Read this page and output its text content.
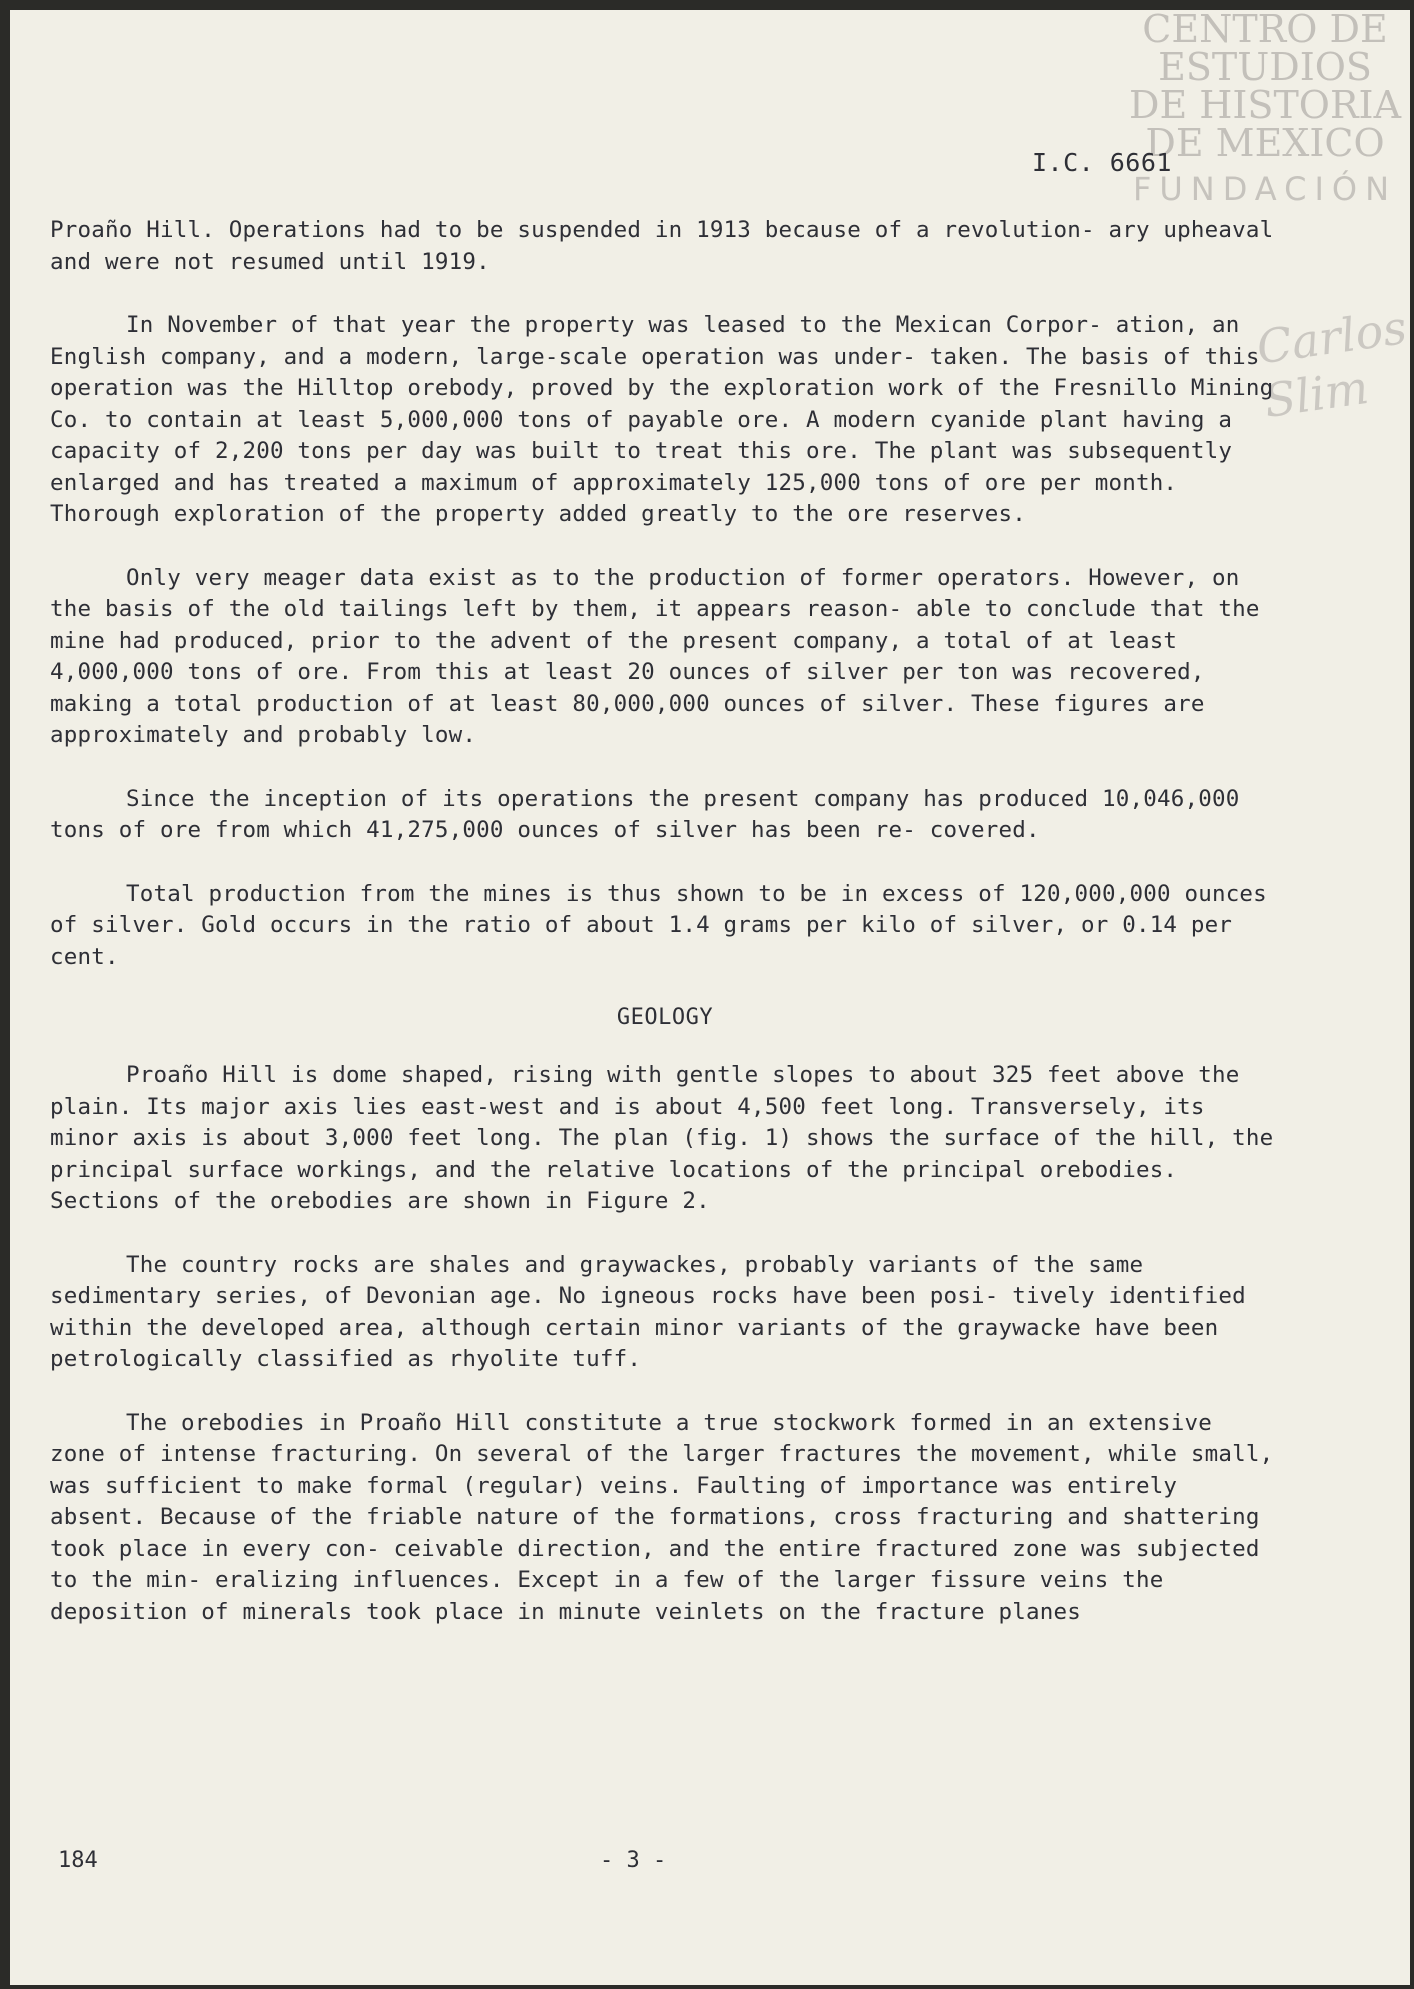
CENTRO DE
ESTUDIOS
DE HISTORIA
DE MEXICO
FUNDACIÓN
Carlos Slim
I.C. 6661

Proaño Hill. Operations had to be suspended in 1913 because of a revolution- ary upheaval and were not resumed until 1919.

In November of that year the property was leased to the Mexican Corpor- ation, an English company, and a modern, large-scale operation was under- taken. The basis of this operation was the Hilltop orebody, proved by the exploration work of the Fresnillo Mining Co. to contain at least 5,000,000 tons of payable ore. A modern cyanide plant having a capacity of 2,200 tons per day was built to treat this ore. The plant was subsequently enlarged and has treated a maximum of approximately 125,000 tons of ore per month. Thorough exploration of the property added greatly to the ore reserves.

Only very meager data exist as to the production of former operators. However, on the basis of the old tailings left by them, it appears reason- able to conclude that the mine had produced, prior to the advent of the present company, a total of at least 4,000,000 tons of ore. From this at least 20 ounces of silver per ton was recovered, making a total production of at least 80,000,000 ounces of silver. These figures are approximately and probably low.

Since the inception of its operations the present company has produced 10,046,000 tons of ore from which 41,275,000 ounces of silver has been re- covered.

Total production from the mines is thus shown to be in excess of 120,000,000 ounces of silver. Gold occurs in the ratio of about 1.4 grams per kilo of silver, or 0.14 per cent.

GEOLOGY

Proaño Hill is dome shaped, rising with gentle slopes to about 325 feet above the plain. Its major axis lies east-west and is about 4,500 feet long. Transversely, its minor axis is about 3,000 feet long. The plan (fig. 1) shows the surface of the hill, the principal surface workings, and the relative locations of the principal orebodies. Sections of the orebodies are shown in Figure 2.

The country rocks are shales and graywackes, probably variants of the same sedimentary series, of Devonian age. No igneous rocks have been posi- tively identified within the developed area, although certain minor variants of the graywacke have been petrologically classified as rhyolite tuff.

The orebodies in Proaño Hill constitute a true stockwork formed in an extensive zone of intense fracturing. On several of the larger fractures the movement, while small, was sufficient to make formal (regular) veins. Faulting of importance was entirely absent. Because of the friable nature of the formations, cross fracturing and shattering took place in every con- ceivable direction, and the entire fractured zone was subjected to the min- eralizing influences. Except in a few of the larger fissure veins the deposition of minerals took place in minute veinlets on the fracture planes

184	- 3 -
